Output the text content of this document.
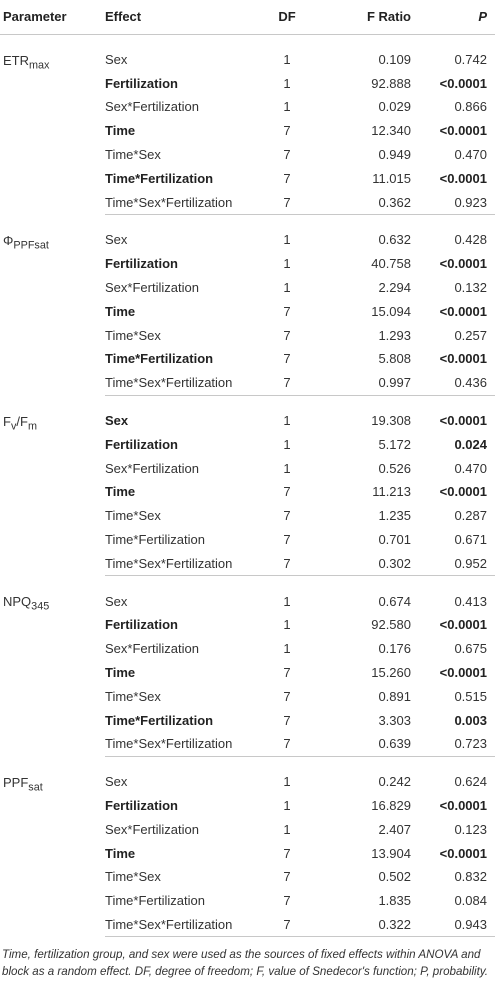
Parameter	Effect	DF	F Ratio	P

$ETR_{max}$	Sex	1	0.109	0.742
	Fertilization	1	92.888	<0.0001
	Sex*Fertilization	1	0.029	0.866
	Time	7	12.340	<0.0001
	Time*Sex	7	0.949	0.470
	Time*Fertilization	7	11.015	<0.0001
	Time*Sex*Fertilization	7	0.362	0.923

$\Phi_{PPFsat}$	Sex	1	0.632	0.428
	Fertilization	1	40.758	<0.0001
	Sex*Fertilization	1	2.294	0.132
	Time	7	15.094	<0.0001
	Time*Sex	7	1.293	0.257
	Time*Fertilization	7	5.808	<0.0001
	Time*Sex*Fertilization	7	0.997	0.436

$F_v/F_m$	Sex	1	19.308	<0.0001
	Fertilization	1	5.172	0.024
	Sex*Fertilization	1	0.526	0.470
	Time	7	11.213	<0.0001
	Time*Sex	7	1.235	0.287
	Time*Fertilization	7	0.701	0.671
	Time*Sex*Fertilization	7	0.302	0.952

$NPQ_{345}$	Sex	1	0.674	0.413
	Fertilization	1	92.580	<0.0001
	Sex*Fertilization	1	0.176	0.675
	Time	7	15.260	<0.0001
	Time*Sex	7	0.891	0.515
	Time*Fertilization	7	3.303	0.003
	Time*Sex*Fertilization	7	0.639	0.723

$PPF_{sat}$	Sex	1	0.242	0.624
	Fertilization	1	16.829	<0.0001
	Sex*Fertilization	1	2.407	0.123
	Time	7	13.904	<0.0001
	Time*Sex	7	0.502	0.832
	Time*Fertilization	7	1.835	0.084
	Time*Sex*Fertilization	7	0.322	0.943

Time, fertilization group, and sex were used as the sources of fixed effects within ANOVA and block as a random effect. DF, degree of freedom; F, value of Snedecor's function; P, probability.
